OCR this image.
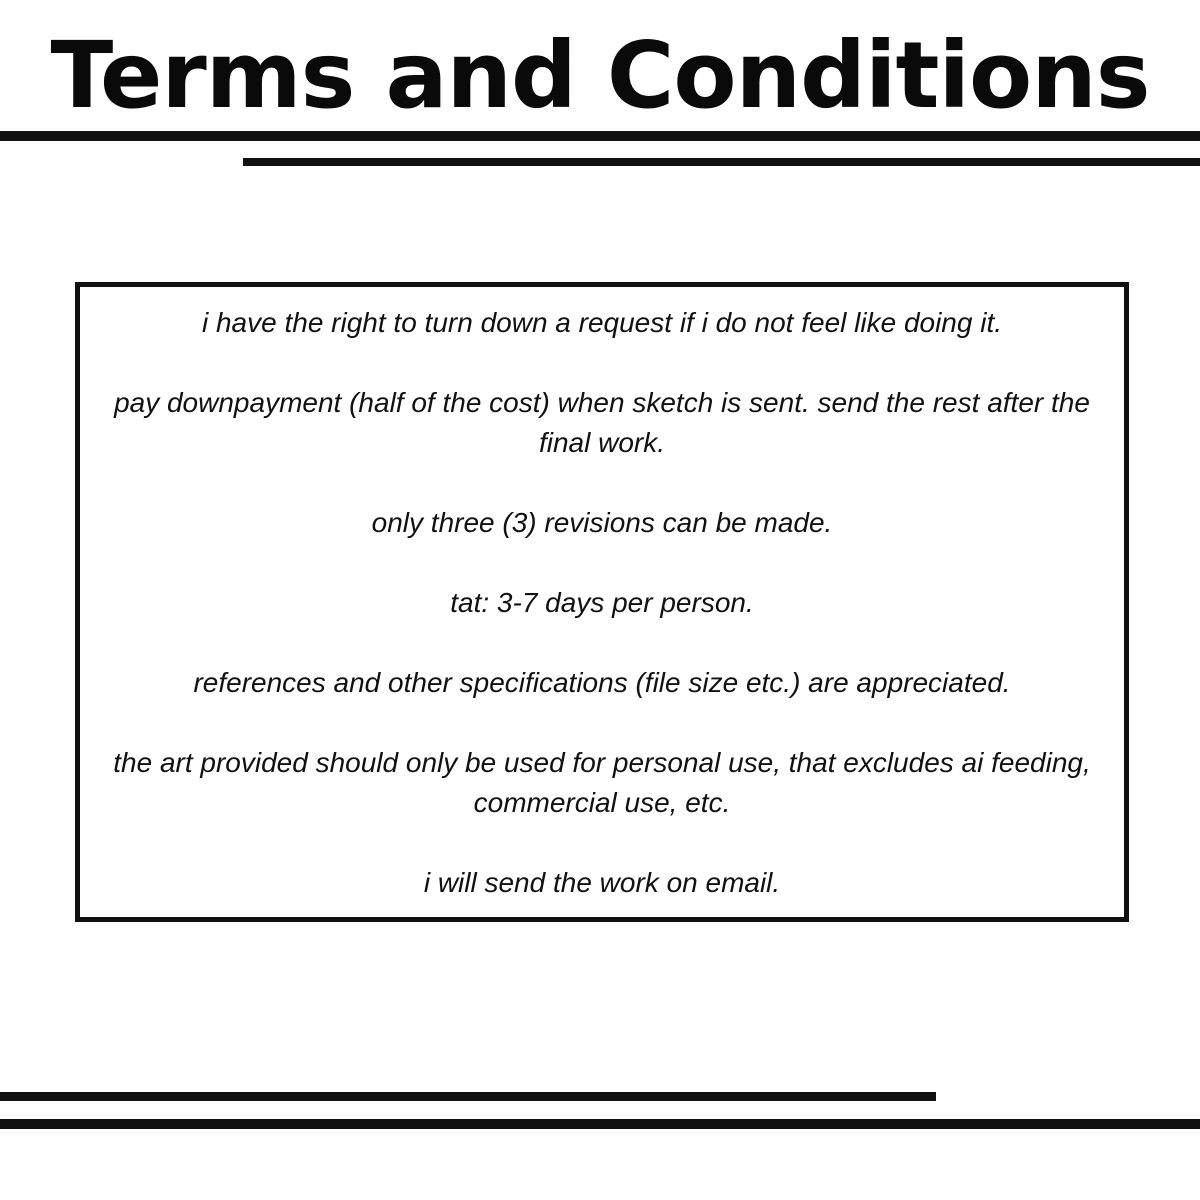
Terms and Conditions
i have the right to turn down a request if i do not feel like doing it.
pay downpayment (half of the cost) when sketch is sent. send the rest after the final work.
only three (3) revisions can be made.
tat: 3-7 days per person.
references and other specifications (file size etc.) are appreciated.
the art provided should only be used for personal use, that excludes ai feeding, commercial use, etc.
i will send the work on email.
